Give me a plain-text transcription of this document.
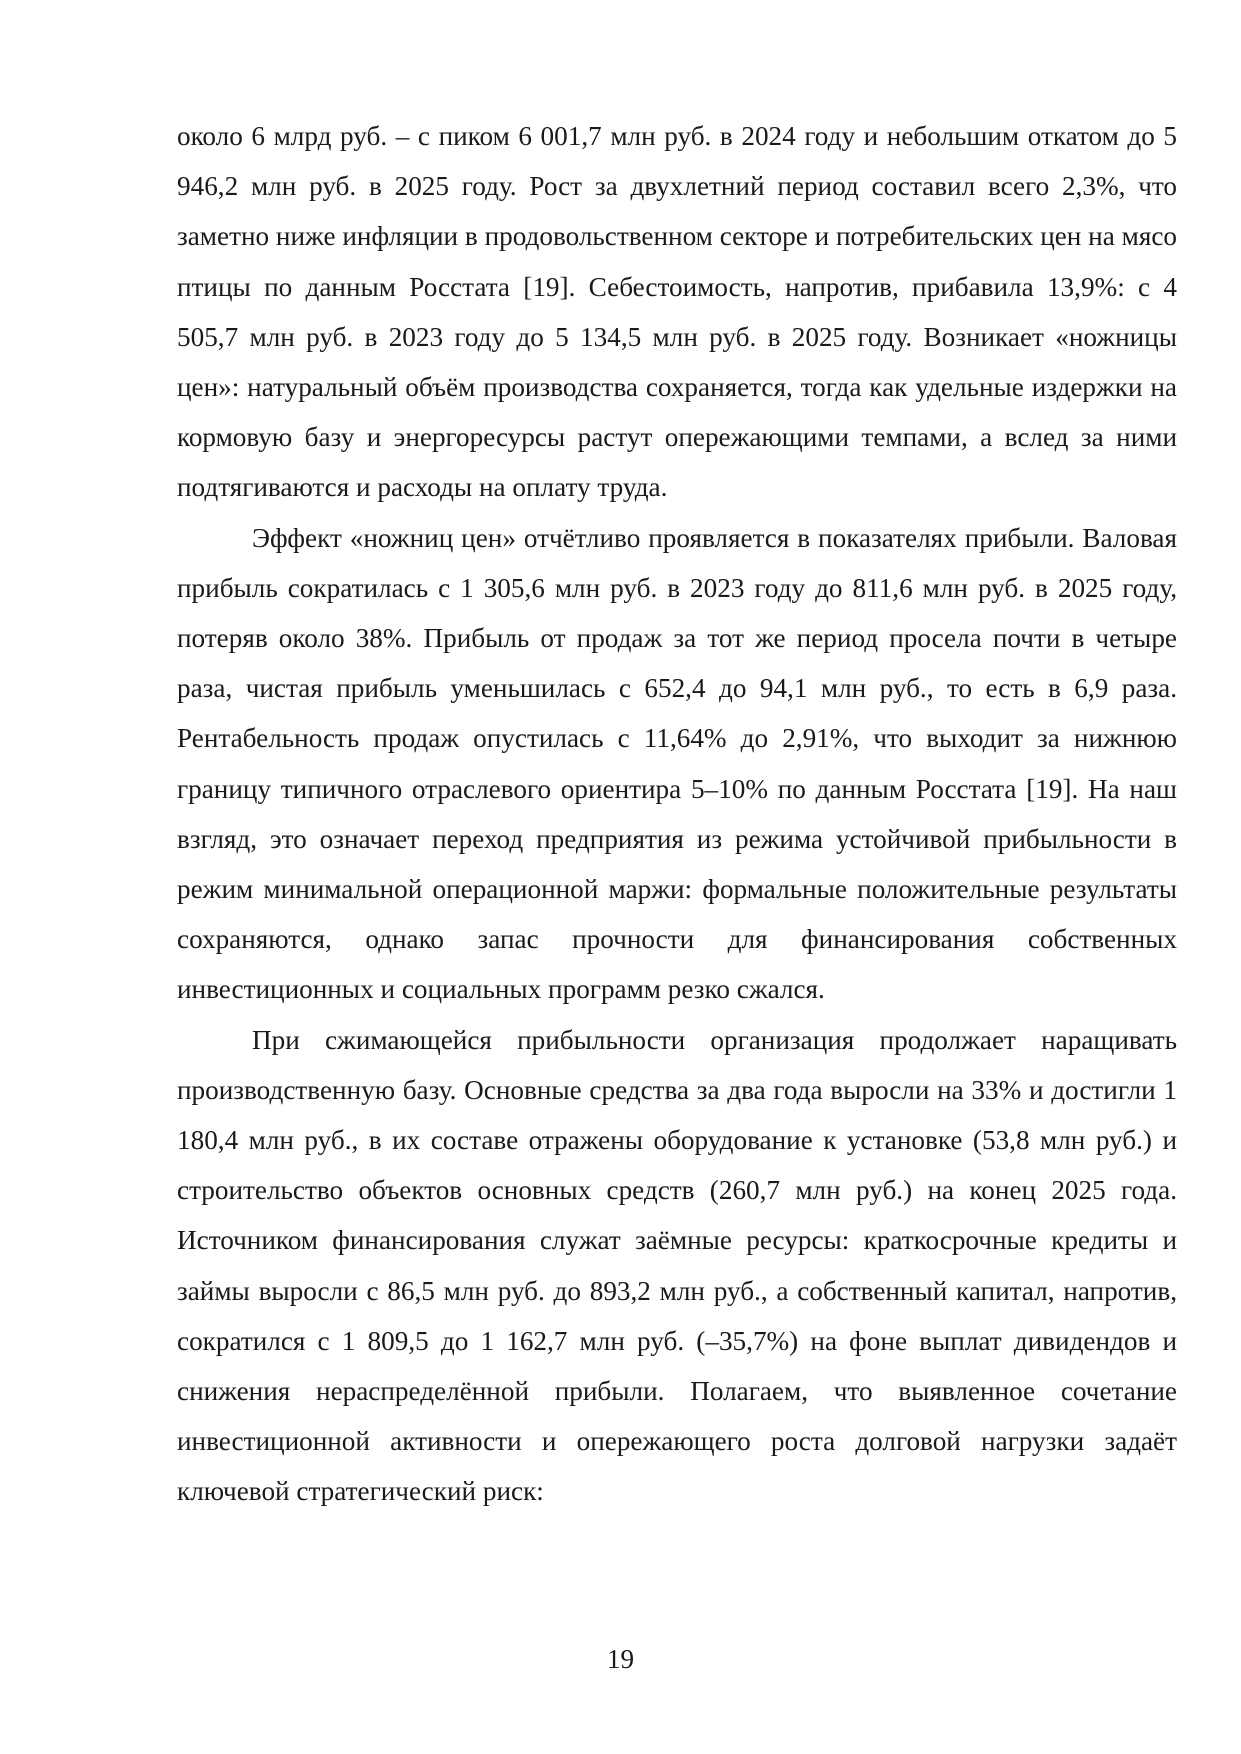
около 6 млрд руб. – с пиком 6 001,7 млн руб. в 2024 году и небольшим откатом до 5 946,2 млн руб. в 2025 году. Рост за двухлетний период составил всего 2,3%, что заметно ниже инфляции в продовольственном секторе и потребительских цен на мясо птицы по данным Росстата [19]. Себестоимость, напротив, прибавила 13,9%: с 4 505,7 млн руб. в 2023 году до 5 134,5 млн руб. в 2025 году. Возникает «ножницы цен»: натуральный объём производства сохраняется, тогда как удельные издержки на кормовую базу и энергоресурсы растут опережающими темпами, а вслед за ними подтягиваются и расходы на оплату труда.

Эффект «ножниц цен» отчётливо проявляется в показателях прибыли. Валовая прибыль сократилась с 1 305,6 млн руб. в 2023 году до 811,6 млн руб. в 2025 году, потеряв около 38%. Прибыль от продаж за тот же период просела почти в четыре раза, чистая прибыль уменьшилась с 652,4 до 94,1 млн руб., то есть в 6,9 раза. Рентабельность продаж опустилась с 11,64% до 2,91%, что выходит за нижнюю границу типичного отраслевого ориентира 5–10% по данным Росстата [19]. На наш взгляд, это означает переход предприятия из режима устойчивой прибыльности в режим минимальной операционной маржи: формальные положительные результаты сохраняются, однако запас прочности для финансирования собственных инвестиционных и социальных программ резко сжался.

При сжимающейся прибыльности организация продолжает наращивать производственную базу. Основные средства за два года выросли на 33% и достигли 1 180,4 млн руб., в их составе отражены оборудование к установке (53,8 млн руб.) и строительство объектов основных средств (260,7 млн руб.) на конец 2025 года. Источником финансирования служат заёмные ресурсы: краткосрочные кредиты и займы выросли с 86,5 млн руб. до 893,2 млн руб., а собственный капитал, напротив, сократился с 1 809,5 до 1 162,7 млн руб. (–35,7%) на фоне выплат дивидендов и снижения нераспределённой прибыли. Полагаем, что выявленное сочетание инвестиционной активности и опережающего роста долговой нагрузки задаёт ключевой стратегический риск:

19
